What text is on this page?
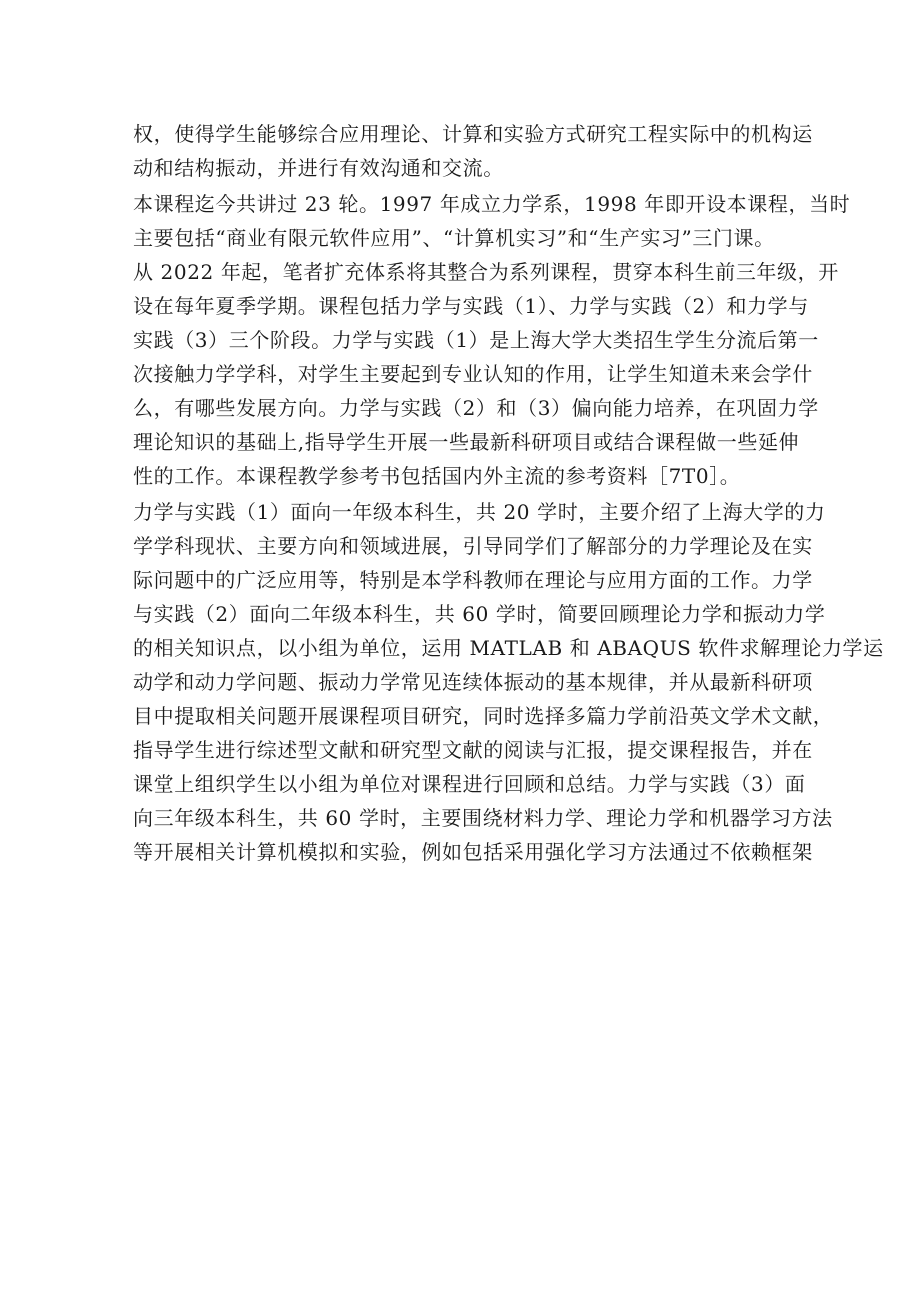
权，使得学生能够综合应用理论、计算和实验方式研究工程实际中的机构运
动和结构振动，并进行有效沟通和交流。
本课程迄今共讲过 23 轮。1997 年成立力学系，1998 年即开设本课程，当时
主要包括“商业有限元软件应用”、“计算机实习”和“生产实习”三门课。
从 2022 年起，笔者扩充体系将其整合为系列课程，贯穿本科生前三年级，开
设在每年夏季学期。课程包括力学与实践（1）、力学与实践（2）和力学与
实践（3）三个阶段。力学与实践（1）是上海大学大类招生学生分流后第一
次接触力学学科，对学生主要起到专业认知的作用，让学生知道未来会学什
么，有哪些发展方向。力学与实践（2）和（3）偏向能力培养，在巩固力学
理论知识的基础上,指导学生开展一些最新科研项目或结合课程做一些延伸
性的工作。本课程教学参考书包括国内外主流的参考资料［7T0］。
力学与实践（1）面向一年级本科生，共 20 学时，主要介绍了上海大学的力
学学科现状、主要方向和领域进展，引导同学们了解部分的力学理论及在实
际问题中的广泛应用等，特别是本学科教师在理论与应用方面的工作。力学
与实践（2）面向二年级本科生，共 60 学时，简要回顾理论力学和振动力学
的相关知识点，以小组为单位，运用 MATLAB 和 ABAQUS 软件求解理论力学运
动学和动力学问题、振动力学常见连续体振动的基本规律，并从最新科研项
目中提取相关问题开展课程项目研究，同时选择多篇力学前沿英文学术文献，
指导学生进行综述型文献和研究型文献的阅读与汇报，提交课程报告，并在
课堂上组织学生以小组为单位对课程进行回顾和总结。力学与实践（3）面
向三年级本科生，共 60 学时，主要围绕材料力学、理论力学和机器学习方法
等开展相关计算机模拟和实验，例如包括采用强化学习方法通过不依赖框架
